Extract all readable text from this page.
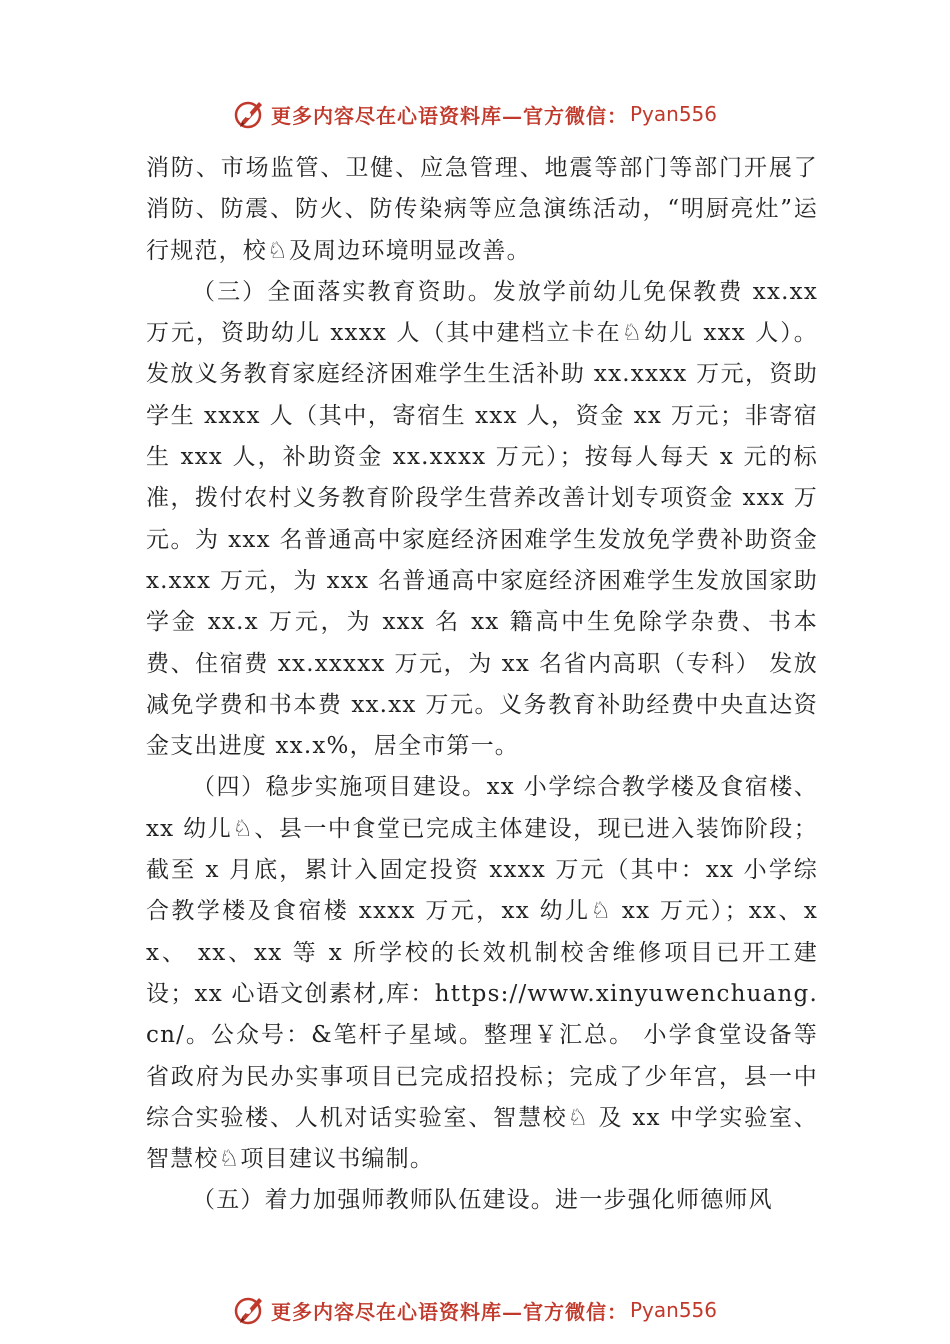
更多内容尽在心语资料库—官方微信： Pyan556

消防、市场监管、卫健、应急管理、地震等部门等部门开展了消防、防震、防火、防传染病等应急演练活动，“明厨亮灶”运行规范，校♘及周边环境明显改善。

（三）全面落实教育资助。发放学前幼儿免保教费 xx.xx 万元，资助幼儿 xxxx 人（其中建档立卡在♘幼儿 xxx 人）。发放义务教育家庭经济困难学生生活补助 xx.xxxx 万元，资助学生 xxxx 人（其中，寄宿生 xxx 人，资金 xx 万元；非寄宿生 xxx 人，补助资金 xx.xxxx 万元）；按每人每天 x 元的标准，拨付农村义务教育阶段学生营养改善计划专项资金 xxx 万元。为 xxx 名普通高中家庭经济困难学生发放免学费补助资金 x.xxx 万元，为 xxx 名普通高中家庭经济困难学生发放国家助学金 xx.x 万元，为 xxx 名 xx 籍高中生免除学杂费、书本费、住宿费 xx.xxxxx 万元，为 xx 名省内高职（专科） 发放减免学费和书本费 xx.xx 万元。义务教育补助经费中央直达资金支出进度 xx.x%，居全市第一。

（四）稳步实施项目建设。xx 小学综合教学楼及食宿楼、xx 幼儿♘、县一中食堂已完成主体建设，现已进入装饰阶段；截至 x 月底，累计入固定投资 xxxx 万元（其中：xx 小学综合教学楼及食宿楼 xxxx 万元，xx 幼儿♘ xx 万元）；xx、xx、 xx、xx 等 x 所学校的长效机制校舍维修项目已开工建设；xx 心语文创素材,库：https://www.xinyuwenchuang.cn/。公众号：&笔杆子星域。整理￥汇总。 小学食堂设备等省政府为民办实事项目已完成招投标；完成了少年宫，县一中综合实验楼、人机对话实验室、智慧校♘ 及 xx 中学实验室、智慧校♘项目建议书编制。

（五）着力加强师教师队伍建设。进一步强化师德师风

更多内容尽在心语资料库—官方微信： Pyan556
